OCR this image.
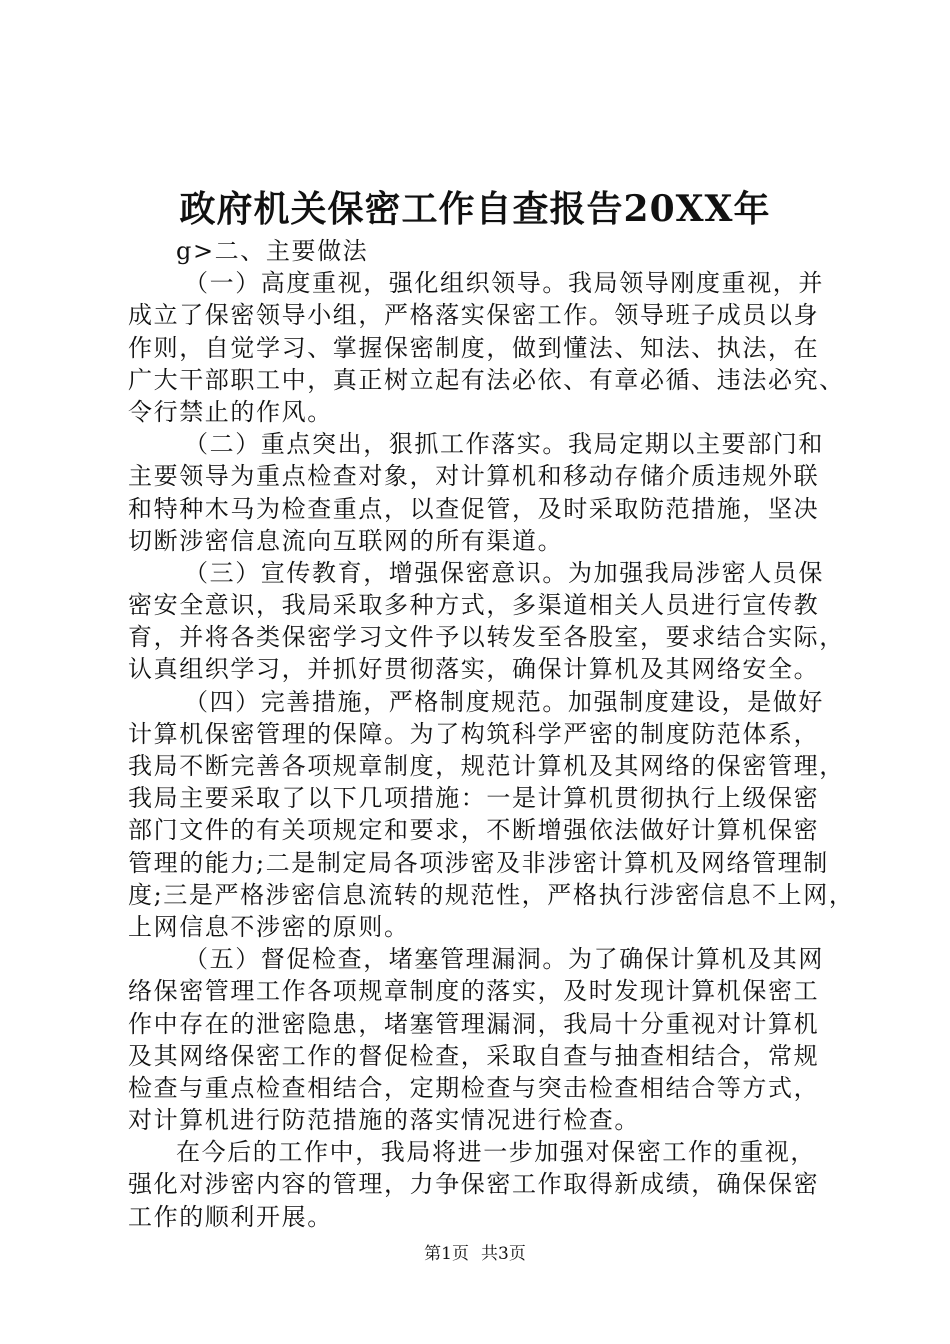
政府机关保密工作自查报告20XX年
g>二、主要做法
（一）高度重视，强化组织领导。我局领导刚度重视，并
成立了保密领导小组，严格落实保密工作。领导班子成员以身
作则，自觉学习、掌握保密制度，做到懂法、知法、执法，在
广大干部职工中，真正树立起有法必依、有章必循、违法必究、
令行禁止的作风。
（二）重点突出，狠抓工作落实。我局定期以主要部门和
主要领导为重点检查对象，对计算机和移动存储介质违规外联
和特种木马为检查重点，以查促管，及时采取防范措施，坚决
切断涉密信息流向互联网的所有渠道。
（三）宣传教育，增强保密意识。为加强我局涉密人员保
密安全意识，我局采取多种方式，多渠道相关人员进行宣传教
育，并将各类保密学习文件予以转发至各股室，要求结合实际，
认真组织学习，并抓好贯彻落实，确保计算机及其网络安全。
（四）完善措施，严格制度规范。加强制度建设，是做好
计算机保密管理的保障。为了构筑科学严密的制度防范体系，
我局不断完善各项规章制度，规范计算机及其网络的保密管理，
我局主要采取了以下几项措施：一是计算机贯彻执行上级保密
部门文件的有关项规定和要求，不断增强依法做好计算机保密
管理的能力;二是制定局各项涉密及非涉密计算机及网络管理制
度;三是严格涉密信息流转的规范性，严格执行涉密信息不上网，
上网信息不涉密的原则。
（五）督促检查，堵塞管理漏洞。为了确保计算机及其网
络保密管理工作各项规章制度的落实，及时发现计算机保密工
作中存在的泄密隐患，堵塞管理漏洞，我局十分重视对计算机
及其网络保密工作的督促检查，采取自查与抽查相结合，常规
检查与重点检查相结合，定期检查与突击检查相结合等方式，
对计算机进行防范措施的落实情况进行检查。
在今后的工作中，我局将进一步加强对保密工作的重视，
强化对涉密内容的管理，力争保密工作取得新成绩，确保保密
工作的顺利开展。
第1页 共3页
